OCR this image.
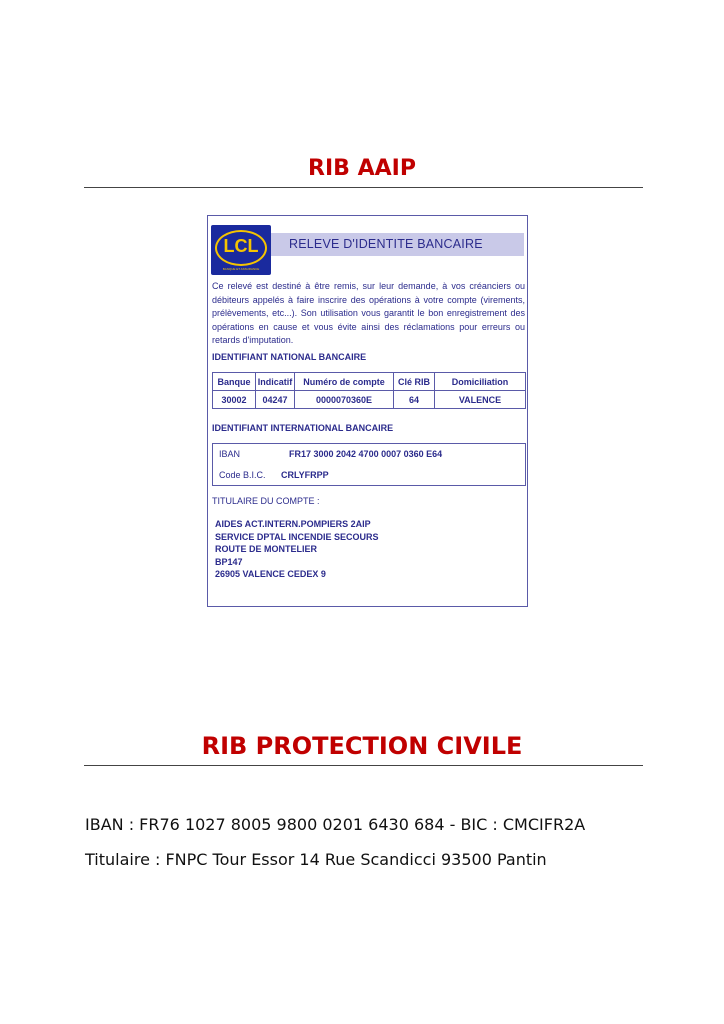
RIB AAIP
LCL
BANQUE ET ASSURANCE
RELEVE D'IDENTITE BANCAIRE
Ce relevé est destiné à être remis, sur leur demande, à vos créanciers ou débiteurs appelés à faire inscrire des opérations à votre compte (virements, prélèvements, etc...). Son utilisation vous garantit le bon enregistrement des opérations en cause et vous évite ainsi des réclamations pour erreurs ou retards d'imputation.
IDENTIFIANT NATIONAL BANCAIRE
Banque	Indicatif	Numéro de compte	Clé RIB	Domiciliation
30002	04247	0000070360E	64	VALENCE
IDENTIFIANT INTERNATIONAL BANCAIRE
IBAN	FR17 3000 2042 4700 0007 0360 E64
Code B.I.C. CRLYFRPP
TITULAIRE DU COMPTE :
AIDES ACT.INTERN.POMPIERS 2AIP
SERVICE DPTAL INCENDIE SECOURS
ROUTE DE MONTELIER
BP147
26905 VALENCE CEDEX 9
RIB PROTECTION CIVILE
IBAN : FR76 1027 8005 9800 0201 6430 684 - BIC : CMCIFR2A
Titulaire : FNPC Tour Essor 14 Rue Scandicci 93500 Pantin
